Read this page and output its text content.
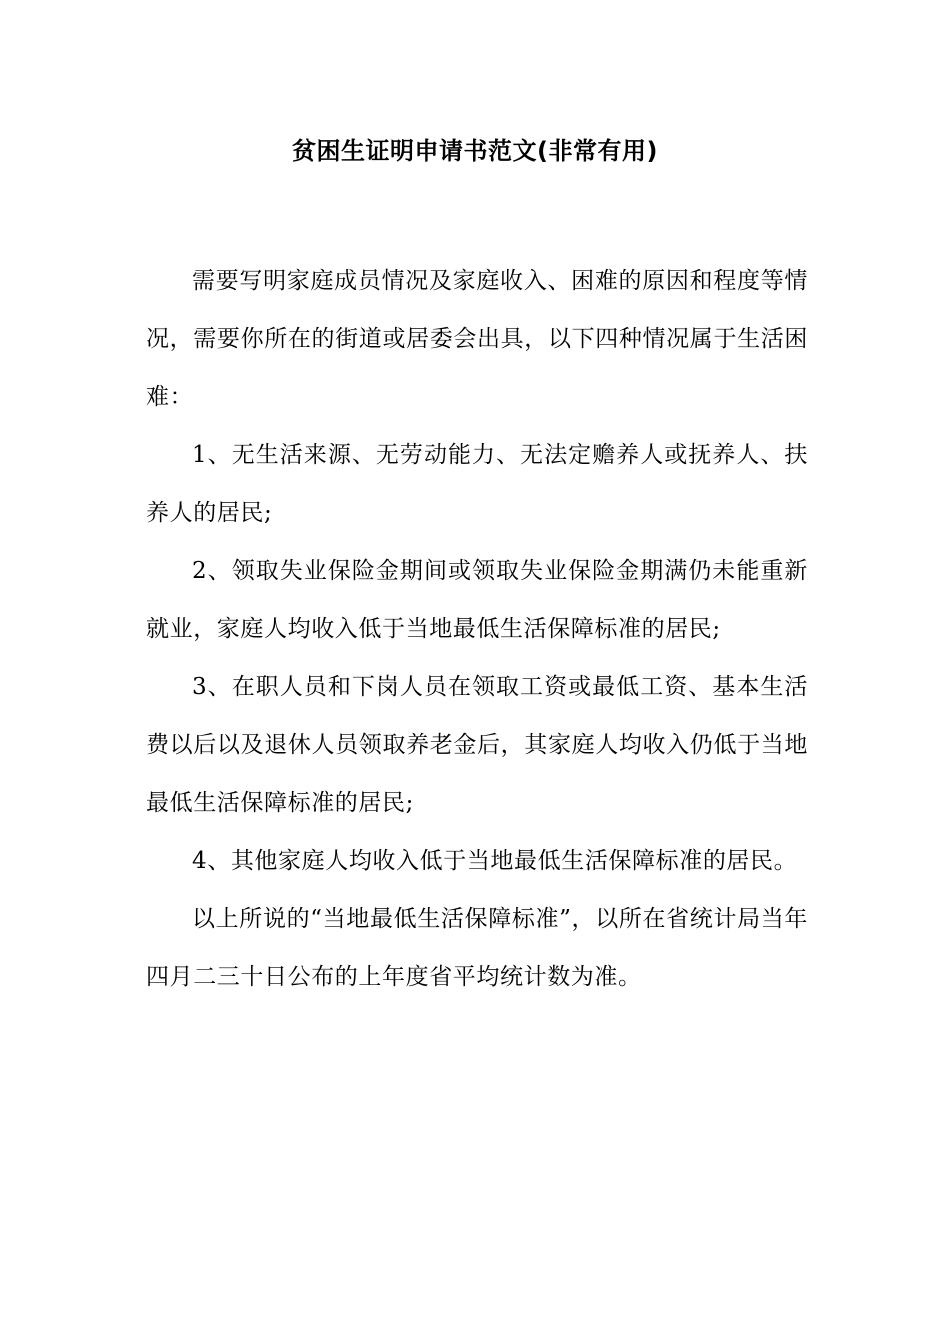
贫困生证明申请书范文(非常有用)

需要写明家庭成员情况及家庭收入、困难的原因和程度等情况，需要你所在的街道或居委会出具，以下四种情况属于生活困难：

1、无生活来源、无劳动能力、无法定赡养人或抚养人、扶养人的居民;

2、领取失业保险金期间或领取失业保险金期满仍未能重新就业，家庭人均收入低于当地最低生活保障标准的居民;

3、在职人员和下岗人员在领取工资或最低工资、基本生活费以后以及退休人员领取养老金后，其家庭人均收入仍低于当地最低生活保障标准的居民;

4、其他家庭人均收入低于当地最低生活保障标准的居民。

以上所说的“当地最低生活保障标准”，以所在省统计局当年四月二三十日公布的上年度省平均统计数为准。
